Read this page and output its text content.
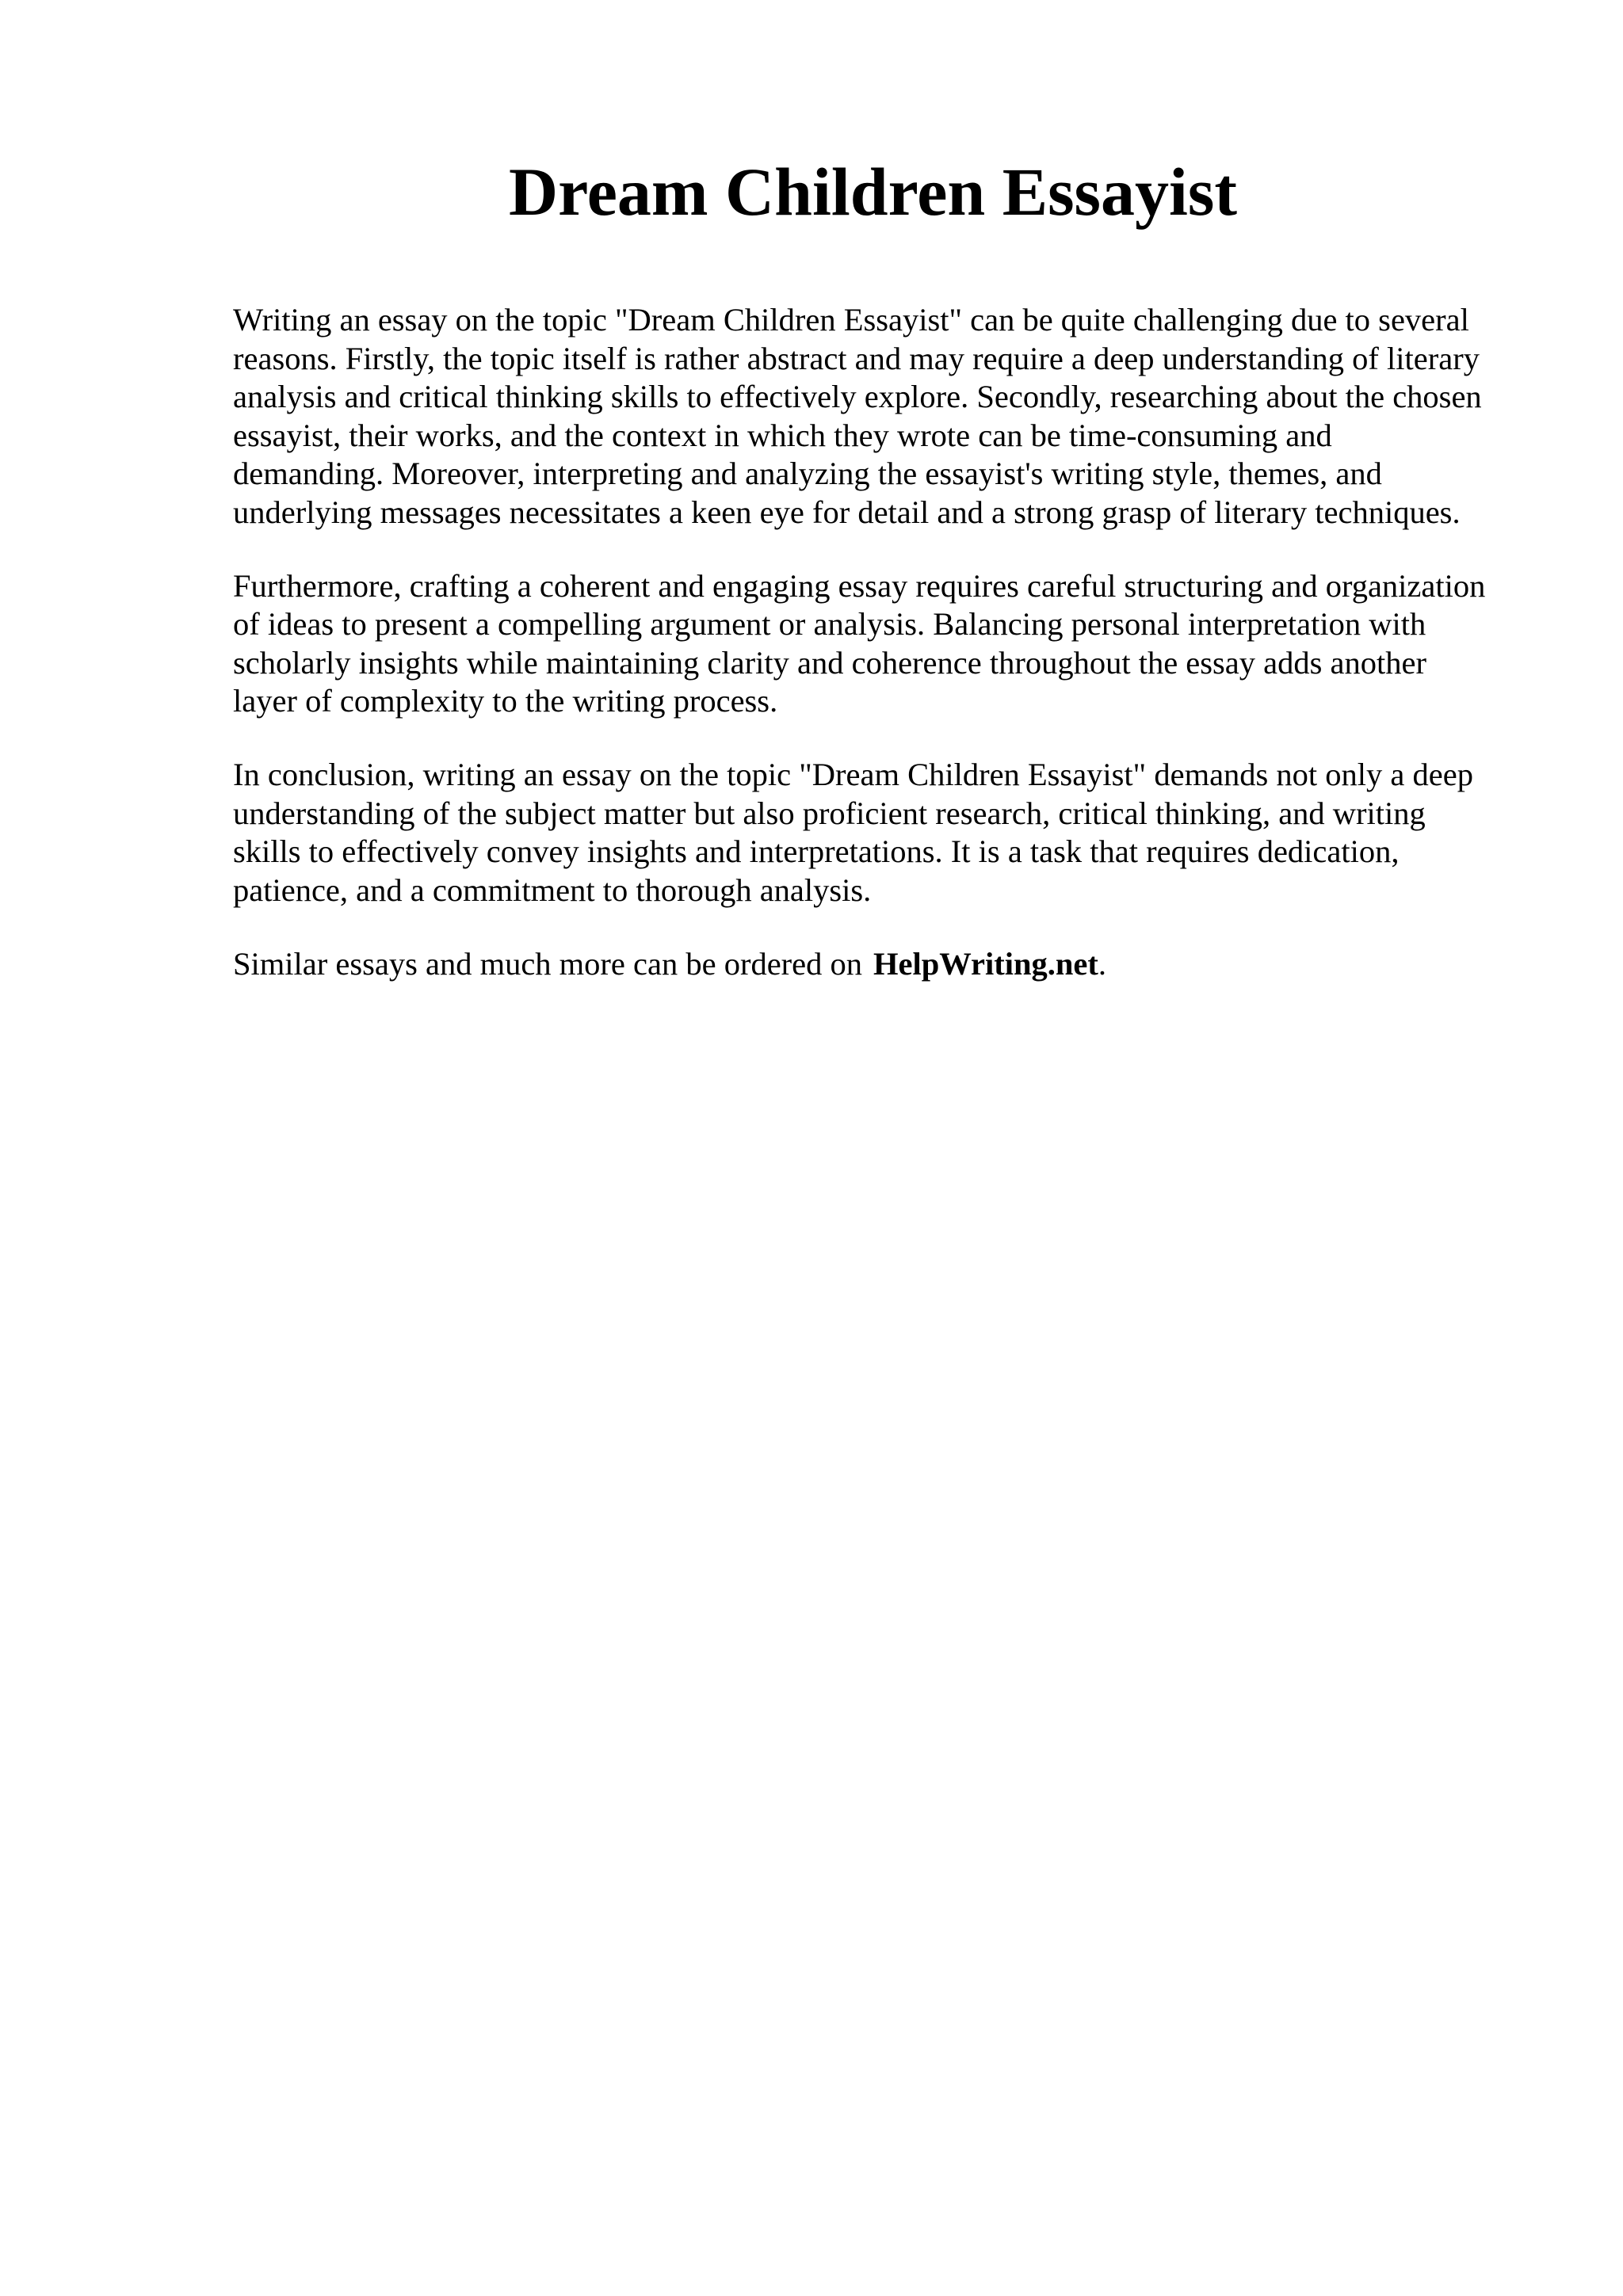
Dream Children Essayist

Writing an essay on the topic "Dream Children Essayist" can be quite challenging due to several
reasons. Firstly, the topic itself is rather abstract and may require a deep understanding of literary
analysis and critical thinking skills to effectively explore. Secondly, researching about the chosen
essayist, their works, and the context in which they wrote can be time-consuming and
demanding. Moreover, interpreting and analyzing the essayist's writing style, themes, and
underlying messages necessitates a keen eye for detail and a strong grasp of literary techniques.

Furthermore, crafting a coherent and engaging essay requires careful structuring and organization
of ideas to present a compelling argument or analysis. Balancing personal interpretation with
scholarly insights while maintaining clarity and coherence throughout the essay adds another
layer of complexity to the writing process.

In conclusion, writing an essay on the topic "Dream Children Essayist" demands not only a deep
understanding of the subject matter but also proficient research, critical thinking, and writing
skills to effectively convey insights and interpretations. It is a task that requires dedication,
patience, and a commitment to thorough analysis.

Similar essays and much more can be ordered on HelpWriting.net.
